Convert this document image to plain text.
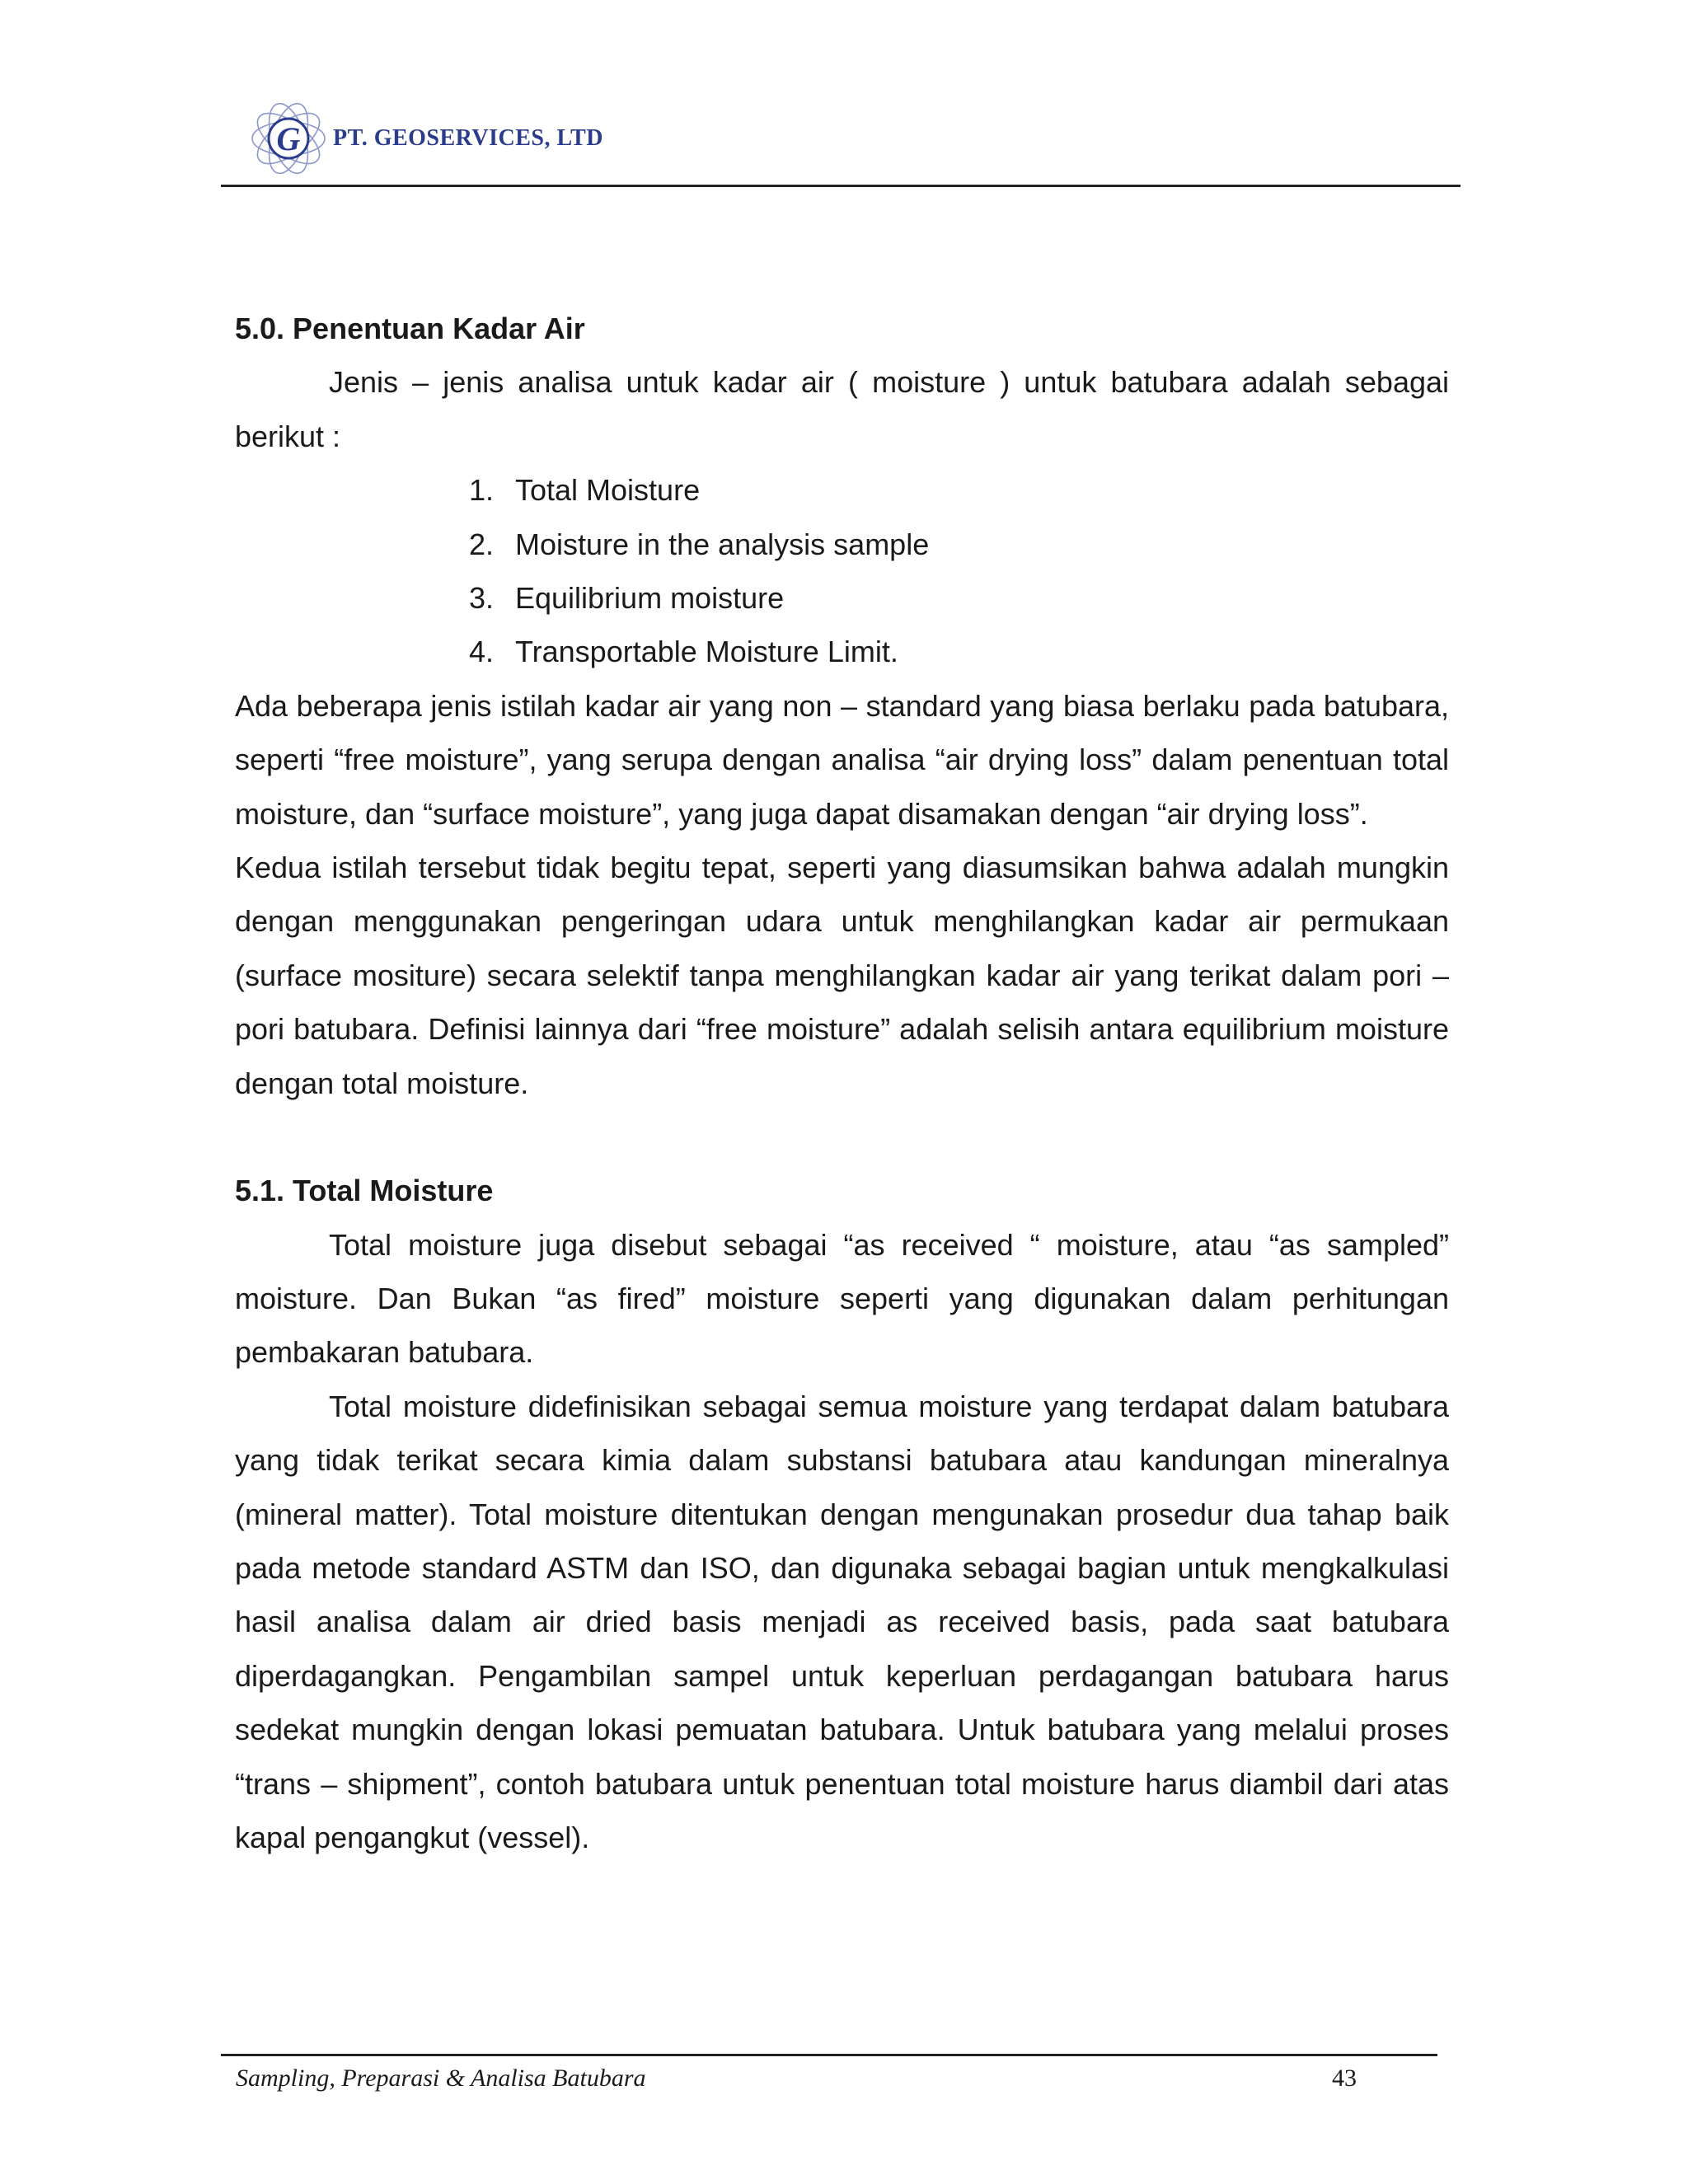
G PT. GEOSERVICES, LTD

5.0. Penentuan Kadar Air

Jenis – jenis analisa untuk kadar air ( moisture ) untuk batubara adalah sebagai berikut :

1. Total Moisture
2. Moisture in the analysis sample
3. Equilibrium moisture
4. Transportable Moisture Limit.

Ada beberapa jenis istilah kadar air yang non – standard yang biasa berlaku pada batubara, seperti “free moisture”, yang serupa dengan analisa “air drying loss” dalam penentuan total moisture, dan “surface moisture”, yang juga dapat disamakan dengan “air drying loss”.

Kedua istilah tersebut tidak begitu tepat, seperti yang diasumsikan bahwa adalah mungkin dengan menggunakan pengeringan udara untuk menghilangkan kadar air permukaan (surface mositure) secara selektif tanpa menghilangkan kadar air yang terikat dalam pori – pori batubara. Definisi lainnya dari “free moisture” adalah selisih antara equilibrium moisture dengan total moisture.

5.1. Total Moisture

Total moisture juga disebut sebagai “as received “ moisture, atau “as sampled” moisture. Dan Bukan “as fired” moisture seperti yang digunakan dalam perhitungan pembakaran batubara.

Total moisture didefinisikan sebagai semua moisture yang terdapat dalam batubara yang tidak terikat secara kimia dalam substansi batubara atau kandungan mineralnya (mineral matter). Total moisture ditentukan dengan mengunakan prosedur dua tahap baik pada metode standard ASTM dan ISO, dan digunaka sebagai bagian untuk mengkalkulasi hasil analisa dalam air dried basis menjadi as received basis, pada saat batubara diperdagangkan. Pengambilan sampel untuk keperluan perdagangan batubara harus sedekat mungkin dengan lokasi pemuatan batubara. Untuk batubara yang melalui proses “trans – shipment”, contoh batubara untuk penentuan total moisture harus diambil dari atas kapal pengangkut (vessel).

Sampling, Preparasi & Analisa Batubara	43
